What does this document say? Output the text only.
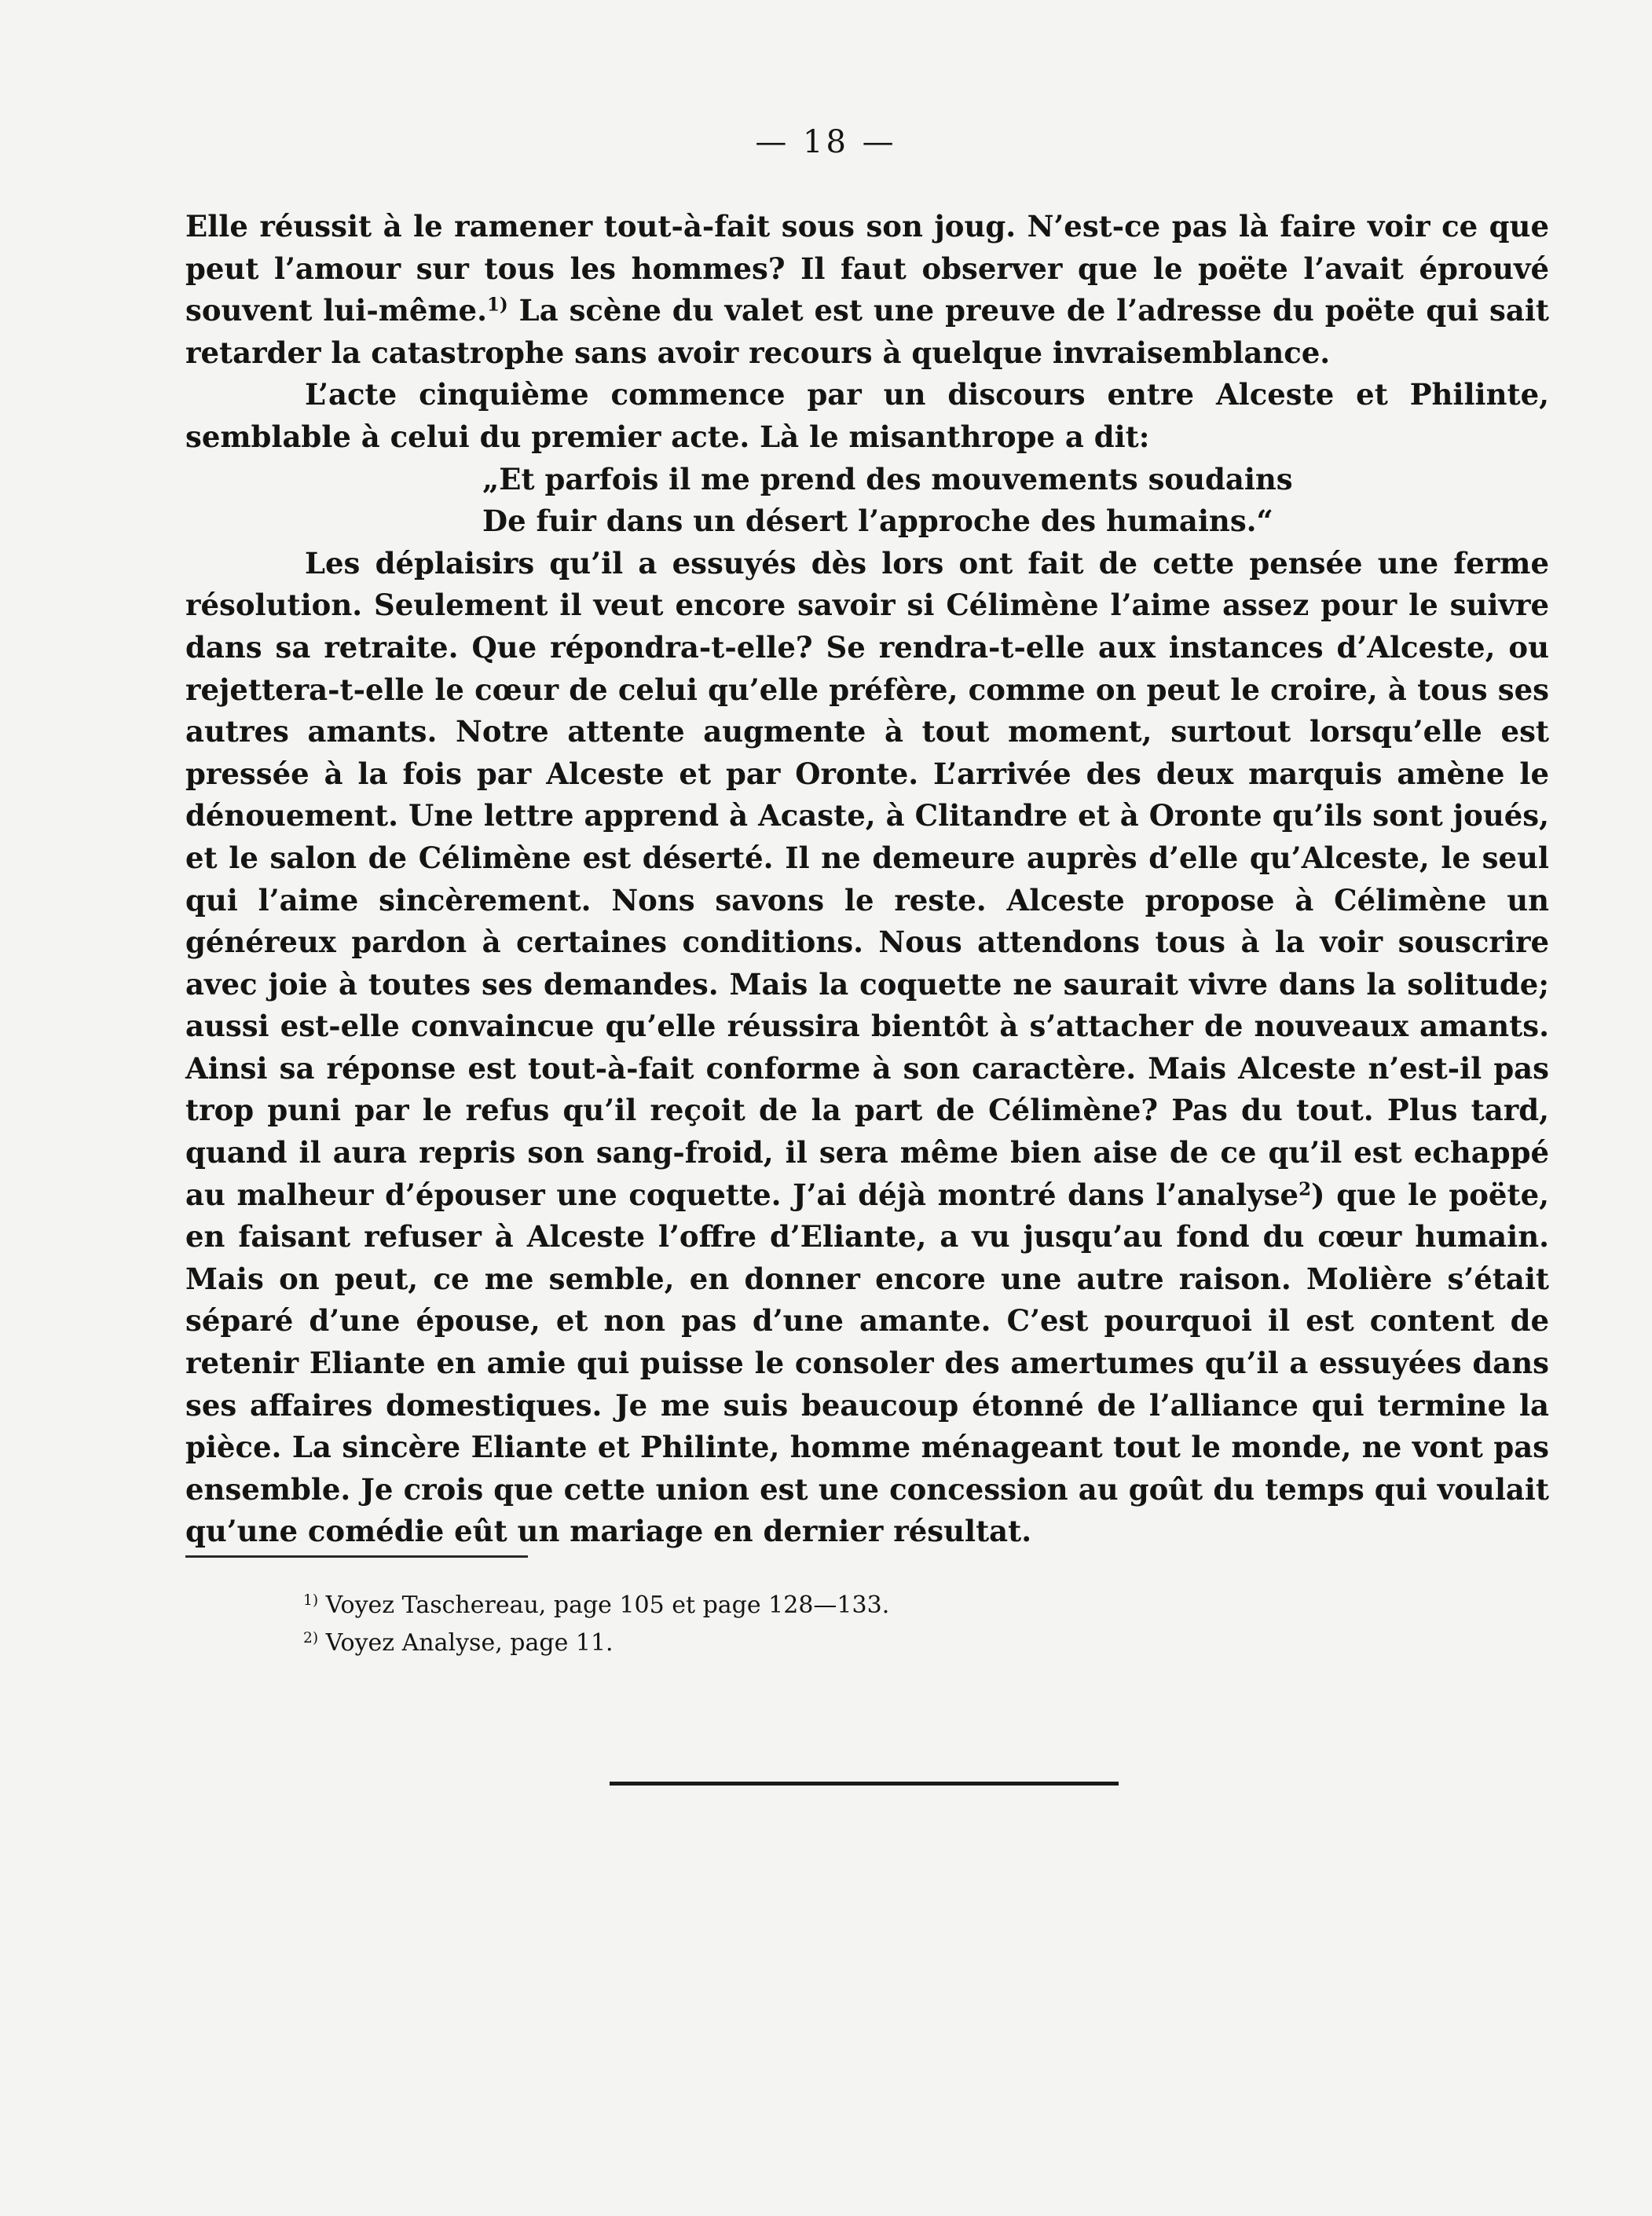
— 18 —

Elle réussit à le ramener tout-à-fait sous son joug. N’est-ce pas là faire voir ce que peut l’amour sur tous les hommes? Il faut observer que le poëte l’avait éprouvé souvent lui-même.$^{1)}$ La scène du valet est une preuve de l’adresse du poëte qui sait retarder la catastrophe sans avoir recours à quelque invraisemblance.

L’acte cinquième commence par un discours entre Alceste et Philinte, semblable à celui du premier acte. Là le misanthrope a dit:

„Et parfois il me prend des mouvements soudains

De fuir dans un désert l’approche des humains.“

Les déplaisirs qu’il a essuyés dès lors ont fait de cette pensée une ferme résolution. Seulement il veut encore savoir si Célimène l’aime assez pour le suivre dans sa retraite. Que répondra-t-elle? Se rendra-t-elle aux instances d’Alceste, ou rejettera-t-elle le cœur de celui qu’elle préfère, comme on peut le croire, à tous ses autres amants. Notre attente augmente à tout moment, surtout lorsqu’elle est pressée à la fois par Alceste et par Oronte. L’arrivée des deux marquis amène le dénouement. Une lettre apprend à Acaste, à Clitandre et à Oronte qu’ils sont joués, et le salon de Célimène est déserté. Il ne demeure auprès d’elle qu’Alceste, le seul qui l’aime sincèrement. Nons savons le reste. Alceste propose à Célimène un généreux pardon à certaines conditions. Nous attendons tous à la voir souscrire avec joie à toutes ses demandes. Mais la coquette ne saurait vivre dans la solitude; aussi est-elle convaincue qu’elle réussira bientôt à s’attacher de nouveaux amants. Ainsi sa réponse est tout-à-fait conforme à son caractère. Mais Alceste n’est-il pas trop puni par le refus qu’il reçoit de la part de Célimène? Pas du tout. Plus tard, quand il aura repris son sang-froid, il sera même bien aise de ce qu’il est echappé au malheur d’épouser une coquette. J’ai déjà montré dans l’analyse$^2$) que le poëte, en faisant refuser à Alceste l’offre d’Eliante, a vu jusqu’au fond du cœur humain. Mais on peut, ce me semble, en donner encore une autre raison. Molière s’était séparé d’une épouse, et non pas d’une amante. C’est pourquoi il est content de retenir Eliante en amie qui puisse le consoler des amertumes qu’il a essuyées dans ses affaires domestiques. Je me suis beaucoup étonné de l’alliance qui termine la pièce. La sincère Eliante et Philinte, homme ménageant tout le monde, ne vont pas ensemble. Je crois que cette union est une concession au goût du temps qui voulait qu’une comédie eût un mariage en dernier résultat.

$^{1)}$ Voyez Taschereau, page 105 et page 128—133.

$^{2)}$ Voyez Analyse, page 11.
